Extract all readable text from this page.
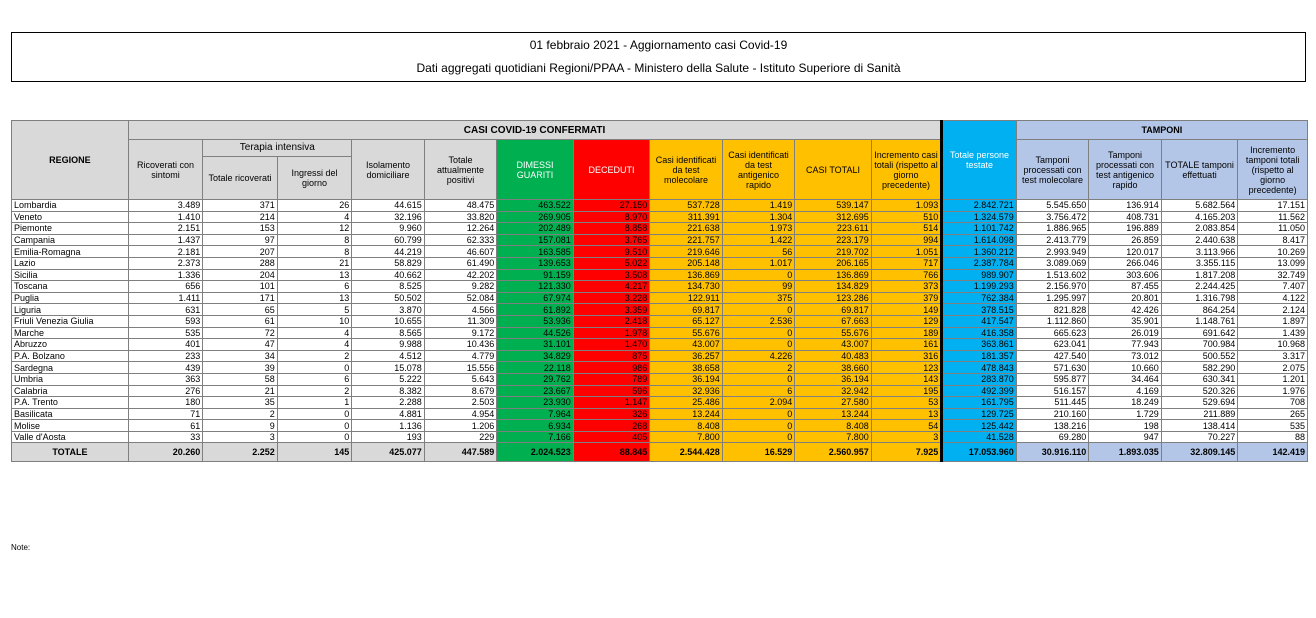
01 febbraio 2021 - Aggiornamento casi Covid-19
Dati aggregati quotidiani Regioni/PPAA - Ministero della Salute - Istituto Superiore di Sanità
REGIONE	CASI COVID-19 CONFERMATI											Totale persone testate	TAMPONI			
	Ricoverati con sintomi	Terapia intensiva		Isolamento domiciliare	Totale attualmente positivi	DIMESSI GUARITI	DECEDUTI	Casi identificati da test molecolare	Casi identificati da test antigenico rapido	CASI TOTALI	Incremento casi totali (rispetto al giorno precedente)		Tamponi processati con test molecolare	Tamponi processati con test antigenico rapido	TOTALE tamponi effettuati	Incremento tamponi totali (rispetto al giorno precedente)
		Totale ricoverati	Ingressi del giorno													
Lombardia	3.489	371	26	44.615	48.475	463.522	27.150	537.728	1.419	539.147	1.093	2.842.721	5.545.650	136.914	5.682.564	17.151
Veneto	1.410	214	4	32.196	33.820	269.905	8.970	311.391	1.304	312.695	510	1.324.579	3.756.472	408.731	4.165.203	11.562
Piemonte	2.151	153	12	9.960	12.264	202.489	8.858	221.638	1.973	223.611	514	1.101.742	1.886.965	196.889	2.083.854	11.050
Campania	1.437	97	8	60.799	62.333	157.081	3.765	221.757	1.422	223.179	994	1.614.098	2.413.779	26.859	2.440.638	8.417
Emilia-Romagna	2.181	207	8	44.219	46.607	163.585	9.510	219.646	56	219.702	1.051	1.360.212	2.993.949	120.017	3.113.966	10.269
Lazio	2.373	288	21	58.829	61.490	139.653	5.022	205.148	1.017	206.165	717	2.387.784	3.089.069	266.046	3.355.115	13.099
Sicilia	1.336	204	13	40.662	42.202	91.159	3.508	136.869	0	136.869	766	989.907	1.513.602	303.606	1.817.208	32.749
Toscana	656	101	6	8.525	9.282	121.330	4.217	134.730	99	134.829	373	1.199.293	2.156.970	87.455	2.244.425	7.407
Puglia	1.411	171	13	50.502	52.084	67.974	3.228	122.911	375	123.286	379	762.384	1.295.997	20.801	1.316.798	4.122
Liguria	631	65	5	3.870	4.566	61.892	3.359	69.817	0	69.817	149	378.515	821.828	42.426	864.254	2.124
Friuli Venezia Giulia	593	61	10	10.655	11.309	53.936	2.418	65.127	2.536	67.663	129	417.547	1.112.860	35.901	1.148.761	1.897
Marche	535	72	4	8.565	9.172	44.526	1.978	55.676	0	55.676	189	416.358	665.623	26.019	691.642	1.439
Abruzzo	401	47	4	9.988	10.436	31.101	1.470	43.007	0	43.007	161	363.861	623.041	77.943	700.984	10.968
P.A. Bolzano	233	34	2	4.512	4.779	34.829	875	36.257	4.226	40.483	316	181.357	427.540	73.012	500.552	3.317
Sardegna	439	39	0	15.078	15.556	22.118	986	38.658	2	38.660	123	478.843	571.630	10.660	582.290	2.075
Umbria	363	58	6	5.222	5.643	29.762	789	36.194	0	36.194	143	283.870	595.877	34.464	630.341	1.201
Calabria	276	21	2	8.382	8.679	23.667	596	32.936	6	32.942	195	492.399	516.157	4.169	520.326	1.976
P.A. Trento	180	35	1	2.288	2.503	23.930	1.147	25.486	2.094	27.580	53	161.795	511.445	18.249	529.694	708
Basilicata	71	2	0	4.881	4.954	7.964	326	13.244	0	13.244	13	129.725	210.160	1.729	211.889	265
Molise	61	9	0	1.136	1.206	6.934	268	8.408	0	8.408	54	125.442	138.216	198	138.414	535
Valle d'Aosta	33	3	0	193	229	7.166	405	7.800	0	7.800	3	41.528	69.280	947	70.227	88
TOTALE	20.260	2.252	145	425.077	447.589	2.024.523	88.845	2.544.428	16.529	2.560.957	7.925	17.053.960	30.916.110	1.893.035	32.809.145	142.419
Note:
